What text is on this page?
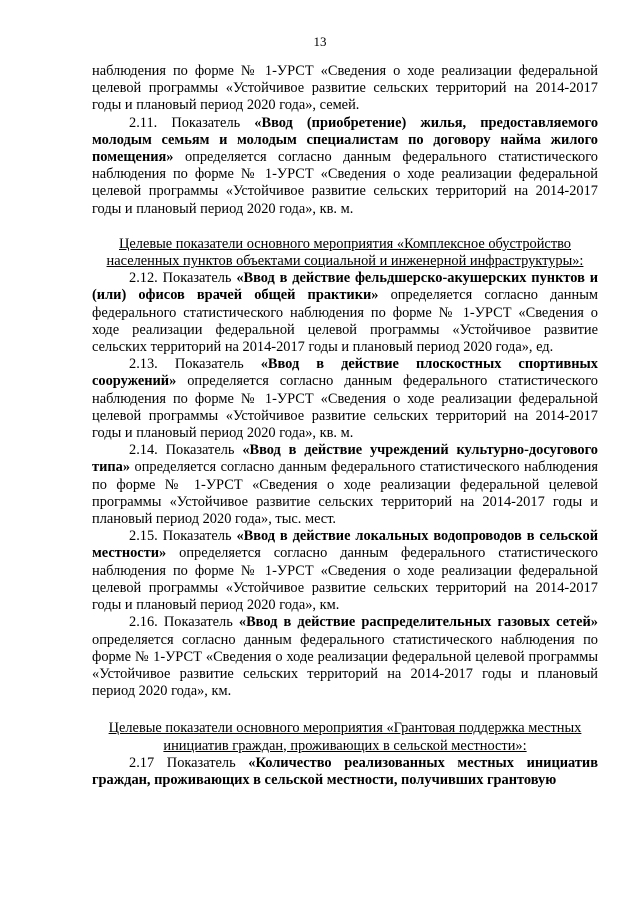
13

наблюдения по форме № 1-УРСТ «Сведения о ходе реализации федеральной целевой программы «Устойчивое развитие сельских территорий на 2014-2017 годы и плановый период 2020 года», семей.

2.11. Показатель «Ввод (приобретение) жилья, предоставляемого молодым семьям и молодым специалистам по договору найма жилого помещения» определяется согласно данным федерального статистического наблюдения по форме № 1-УРСТ «Сведения о ходе реализации федеральной целевой программы «Устойчивое развитие сельских территорий на 2014-2017 годы и плановый период 2020 года», кв. м.

Целевые показатели основного мероприятия «Комплексное обустройство населенных пунктов объектами социальной и инженерной инфраструктуры»:

2.12. Показатель «Ввод в действие фельдшерско-акушерских пунктов и (или) офисов врачей общей практики» определяется согласно данным федерального статистического наблюдения по форме № 1-УРСТ «Сведения о ходе реализации федеральной целевой программы «Устойчивое развитие сельских территорий на 2014-2017 годы и плановый период 2020 года», ед.

2.13. Показатель «Ввод в действие плоскостных спортивных сооружений» определяется согласно данным федерального статистического наблюдения по форме № 1-УРСТ «Сведения о ходе реализации федеральной целевой программы «Устойчивое развитие сельских территорий на 2014-2017 годы и плановый период 2020 года», кв. м.

2.14. Показатель «Ввод в действие учреждений культурно-досугового типа» определяется согласно данным федерального статистического наблюдения по форме № 1-УРСТ «Сведения о ходе реализации федеральной целевой программы «Устойчивое развитие сельских территорий на 2014-2017 годы и плановый период 2020 года», тыс. мест.

2.15. Показатель «Ввод в действие локальных водопроводов в сельской местности» определяется согласно данным федерального статистического наблюдения по форме № 1-УРСТ «Сведения о ходе реализации федеральной целевой программы «Устойчивое развитие сельских территорий на 2014-2017 годы и плановый период 2020 года», км.

2.16. Показатель «Ввод в действие распределительных газовых сетей» определяется согласно данным федерального статистического наблюдения по форме № 1-УРСТ «Сведения о ходе реализации федеральной целевой программы «Устойчивое развитие сельских территорий на 2014-2017 годы и плановый период 2020 года», км.

Целевые показатели основного мероприятия «Грантовая поддержка местных инициатив граждан, проживающих в сельской местности»:

2.17 Показатель «Количество реализованных местных инициатив граждан, проживающих в сельской местности, получивших грантовую
